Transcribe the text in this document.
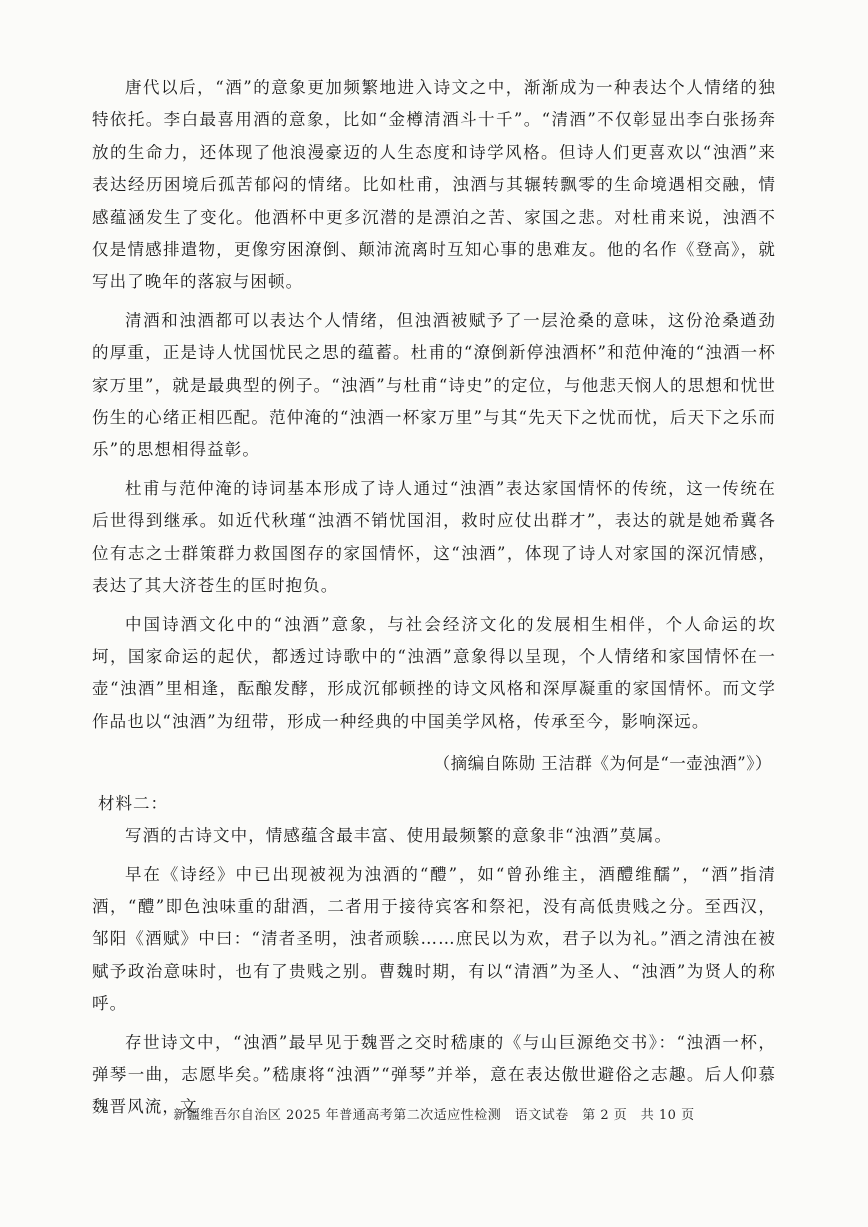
唐代以后，“酒”的意象更加频繁地进入诗文之中，渐渐成为一种表达个人情绪的独特依托。李白最喜用酒的意象，比如“金樽清酒斗十千”。“清酒”不仅彰显出李白张扬奔放的生命力，还体现了他浪漫豪迈的人生态度和诗学风格。但诗人们更喜欢以“浊酒”来表达经历困境后孤苦郁闷的情绪。比如杜甫，浊酒与其辗转飘零的生命境遇相交融，情感蕴涵发生了变化。他酒杯中更多沉潜的是漂泊之苦、家国之悲。对杜甫来说，浊酒不仅是情感排遣物，更像穷困潦倒、颠沛流离时互知心事的患难友。他的名作《登高》，就写出了晚年的落寂与困顿。

清酒和浊酒都可以表达个人情绪，但浊酒被赋予了一层沧桑的意味，这份沧桑遒劲的厚重，正是诗人忧国忧民之思的蕴蓄。杜甫的“潦倒新停浊酒杯”和范仲淹的“浊酒一杯家万里”，就是最典型的例子。“浊酒”与杜甫“诗史”的定位，与他悲天悯人的思想和忧世伤生的心绪正相匹配。范仲淹的“浊酒一杯家万里”与其“先天下之忧而忧，后天下之乐而乐”的思想相得益彰。

杜甫与范仲淹的诗词基本形成了诗人通过“浊酒”表达家国情怀的传统，这一传统在后世得到继承。如近代秋瑾“浊酒不销忧国泪，救时应仗出群才”，表达的就是她希冀各位有志之士群策群力救国图存的家国情怀，这“浊酒”，体现了诗人对家国的深沉情感，表达了其大济苍生的匡时抱负。

中国诗酒文化中的“浊酒”意象，与社会经济文化的发展相生相伴，个人命运的坎坷，国家命运的起伏，都透过诗歌中的“浊酒”意象得以呈现，个人情绪和家国情怀在一壶“浊酒”里相逢，酝酿发酵，形成沉郁顿挫的诗文风格和深厚凝重的家国情怀。而文学作品也以“浊酒”为纽带，形成一种经典的中国美学风格，传承至今，影响深远。

（摘编自陈勋 王洁群《为何是“一壶浊酒”》）
材料二：

写酒的古诗文中，情感蕴含最丰富、使用最频繁的意象非“浊酒”莫属。

早在《诗经》中已出现被视为浊酒的“醴”，如“曾孙维主，酒醴维醹”，“酒”指清酒，“醴”即色浊味重的甜酒，二者用于接待宾客和祭祀，没有高低贵贱之分。至西汉，邹阳《酒赋》中曰：“清者圣明，浊者顽騃……庶民以为欢，君子以为礼。”酒之清浊在被赋予政治意味时，也有了贵贱之别。曹魏时期，有以“清酒”为圣人、“浊酒”为贤人的称呼。

存世诗文中，“浊酒”最早见于魏晋之交时嵇康的《与山巨源绝交书》：“浊酒一杯，弹琴一曲，志愿毕矣。”嵇康将“浊酒”“弹琴”并举，意在表达傲世避俗之志趣。后人仰慕魏晋风流，文

新疆维吾尔自治区 2025 年普通高考第二次适应性检测　语文试卷　第 2 页　共 10 页
